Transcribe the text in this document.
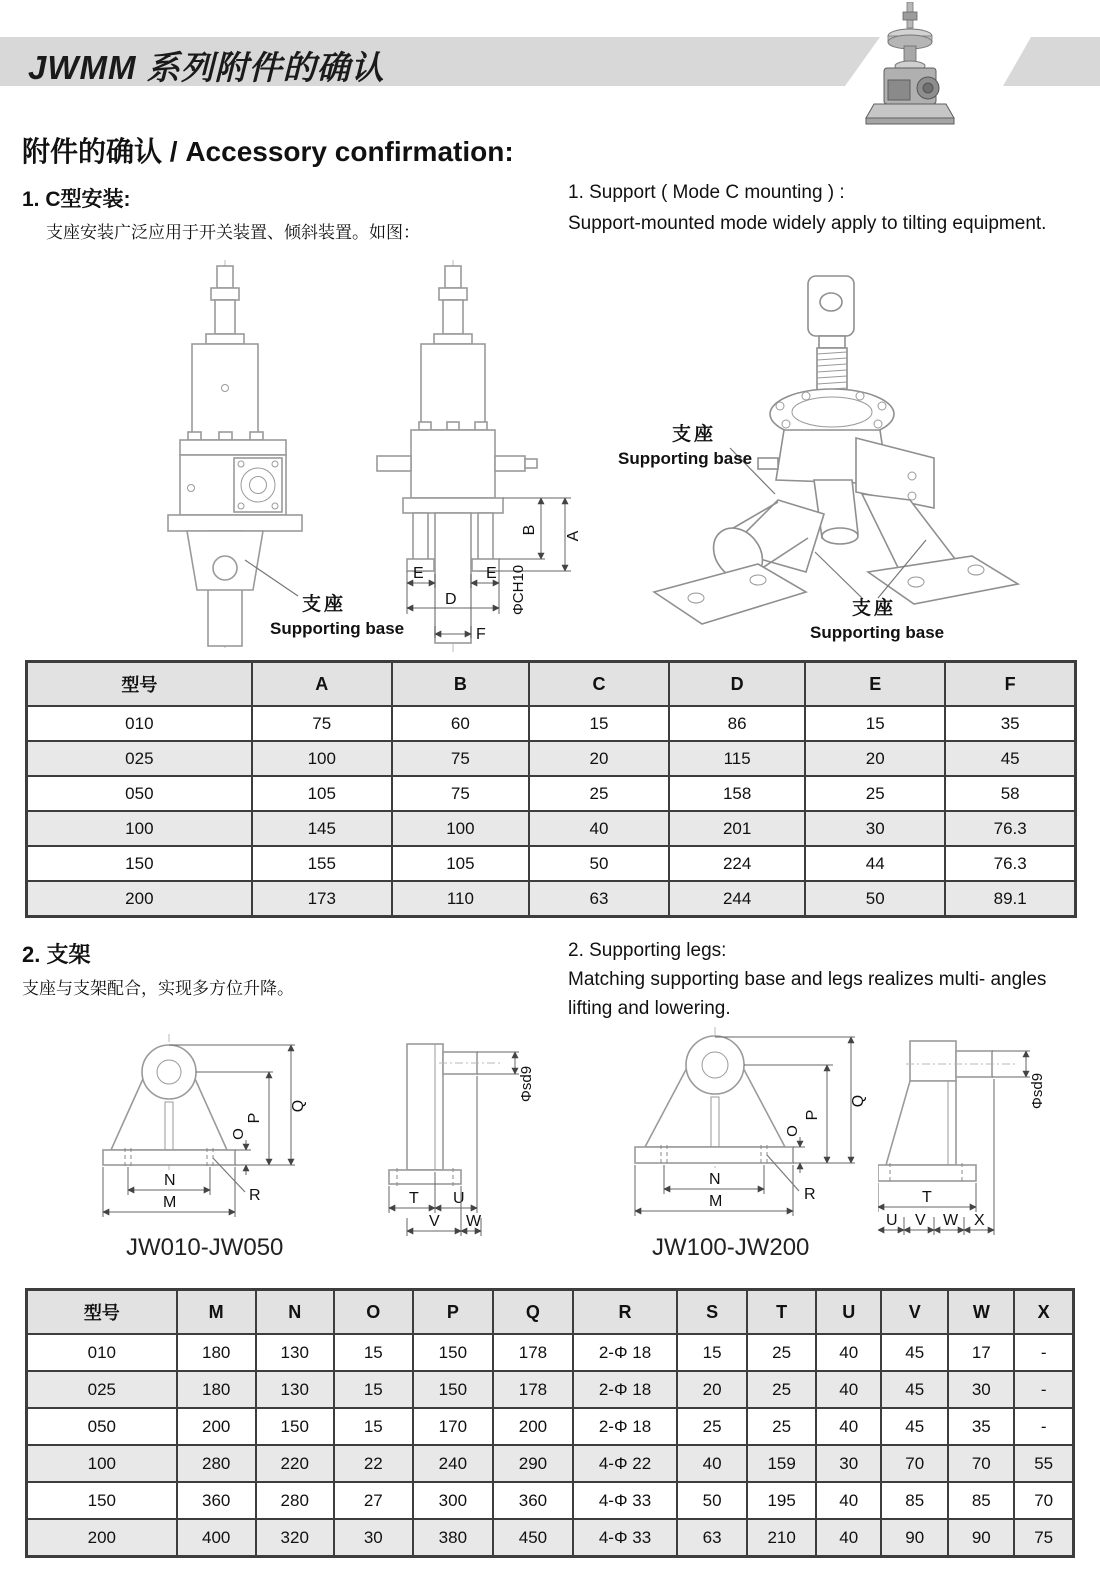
JWMM 系列附件的确认
附件的确认 / Accessory confirmation:
1. C型安装:
支座安装广泛应用于开关装置、倾斜装置。如图：
1. Support ( Mode C mounting ) :
Support-mounted mode widely apply to tilting equipment.
支座
Supporting base
B
A
E	E ΦCH10
D
F
支座
Supporting base
支座
Supporting base
型号	A	B	C	D	E	F
010	75	60	15	86	15	35
025	100	75	20	115	20	45
050	105	75	25	158	25	58
100	145	100	40	201	30	76.3
150	155	105	50	224	44	76.3
200	173	110	63	244	50	89.1
2. 支架
支座与支架配合，实现多方位升降。
2. Supporting legs:
Matching supporting base and legs realizes multi- angles
lifting and lowering.
Q
P
O
N
M	R
Φsd9
T U
V W
Q
P
O
N
M	R
Φsd9
T
U V W X
JW010-JW050	JW100-JW200
型号	M	N	O	P	Q	R	S	T	U	V	W	X
010	180	130	15	150	178	2-Φ 18	15	25	40	45	17	-
025	180	130	15	150	178	2-Φ 18	20	25	40	45	30	-
050	200	150	15	170	200	2-Φ 18	25	25	40	45	35	-
100	280	220	22	240	290	4-Φ 22	40	159	30	70	70	55
150	360	280	27	300	360	4-Φ 33	50	195	40	85	85	70
200	400	320	30	380	450	4-Φ 33	63	210	40	90	90	75
